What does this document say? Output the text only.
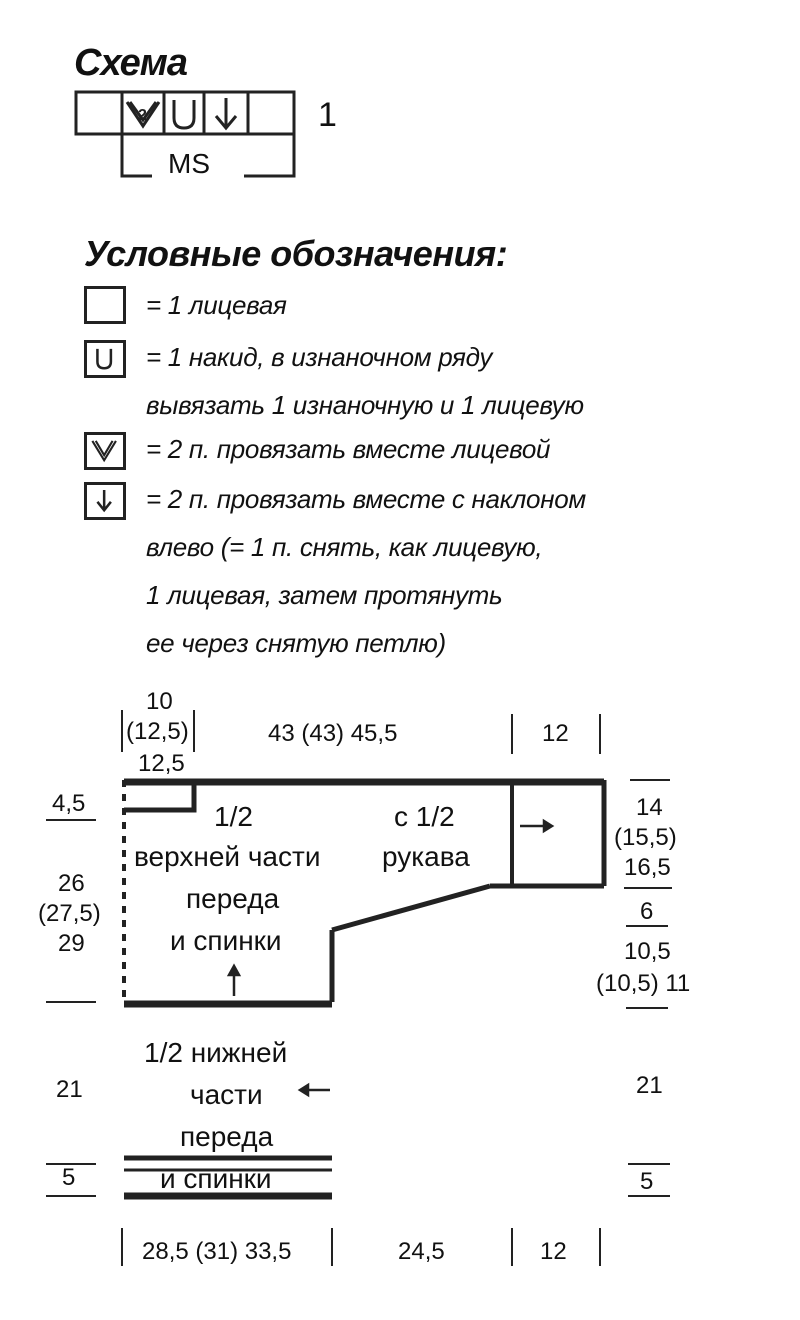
Схема
2
MS
1
Условные обозначения:
= 1 лицевая
= 1 накид, в изнаночном ряду
вывязать 1 изнаночную и 1 лицевую
= 2 п. провязать вместе лицевой
= 2 п. провязать вместе с наклоном
влево (= 1 п. снять, как лицевую,
1 лицевая, затем протянуть
ее через снятую петлю)
10
(12,5)
12,5
43 (43) 45,5	12
4,5
26
(27,5)
29
21
5
14
(15,5)
16,5
6
10,5
(10,5) 11
21
5
28,5 (31) 33,5	24,5	12
1/2
верхней части
переда
и спинки
с 1/2
рукава
1/2 нижней
части
переда
и спинки
